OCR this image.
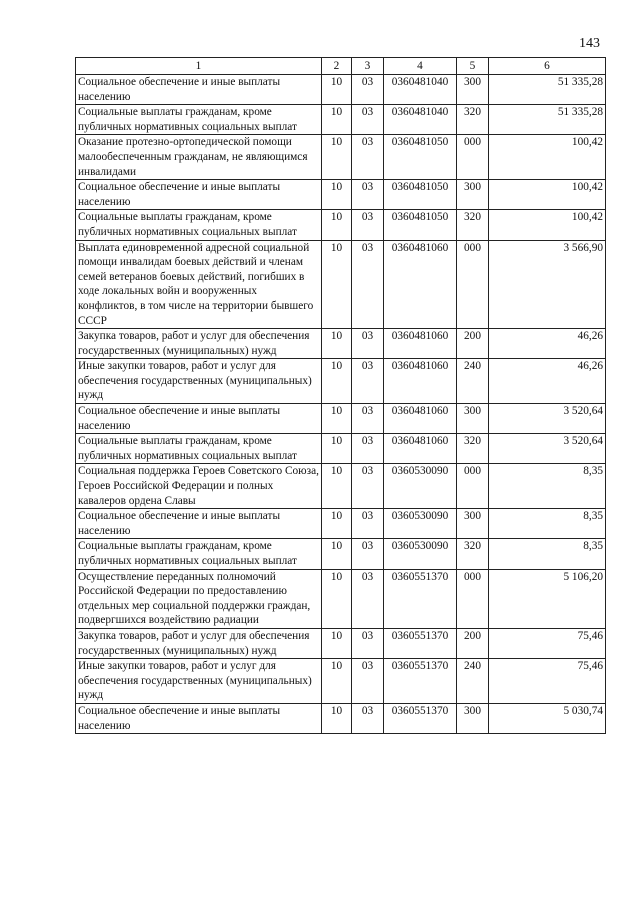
143
1	2	3	4	5	6
Социальное обеспечение и иные выплаты населению	10	03	0360481040	300	51 335,28
Социальные выплаты гражданам, кроме публичных нормативных социальных выплат	10	03	0360481040	320	51 335,28
Оказание протезно-ортопедической помощи малообеспеченным гражданам, не являющимся инвалидами	10	03	0360481050	000	100,42
Социальное обеспечение и иные выплаты населению	10	03	0360481050	300	100,42
Социальные выплаты гражданам, кроме публичных нормативных социальных выплат	10	03	0360481050	320	100,42
Выплата единовременной адресной социальной помощи инвалидам боевых действий и членам семей ветеранов боевых действий, погибших в ходе локальных войн и вооруженных конфликтов, в том числе на территории бывшего СССР	10	03	0360481060	000	3 566,90
Закупка товаров, работ и услуг для обеспечения государственных (муниципальных) нужд	10	03	0360481060	200	46,26
Иные закупки товаров, работ и услуг для обеспечения государственных (муниципальных) нужд	10	03	0360481060	240	46,26
Социальное обеспечение и иные выплаты населению	10	03	0360481060	300	3 520,64
Социальные выплаты гражданам, кроме публичных нормативных социальных выплат	10	03	0360481060	320	3 520,64
Социальная поддержка Героев Советского Союза, Героев Российской Федерации и полных кавалеров ордена Славы	10	03	0360530090	000	8,35
Социальное обеспечение и иные выплаты населению	10	03	0360530090	300	8,35
Социальные выплаты гражданам, кроме публичных нормативных социальных выплат	10	03	0360530090	320	8,35
Осуществление переданных полномочий Российской Федерации по предоставлению отдельных мер социальной поддержки граждан, подвергшихся воздействию радиации	10	03	0360551370	000	5 106,20
Закупка товаров, работ и услуг для обеспечения государственных (муниципальных) нужд	10	03	0360551370	200	75,46
Иные закупки товаров, работ и услуг для обеспечения государственных (муниципальных) нужд	10	03	0360551370	240	75,46
Социальное обеспечение и иные выплаты населению	10	03	0360551370	300	5 030,74
